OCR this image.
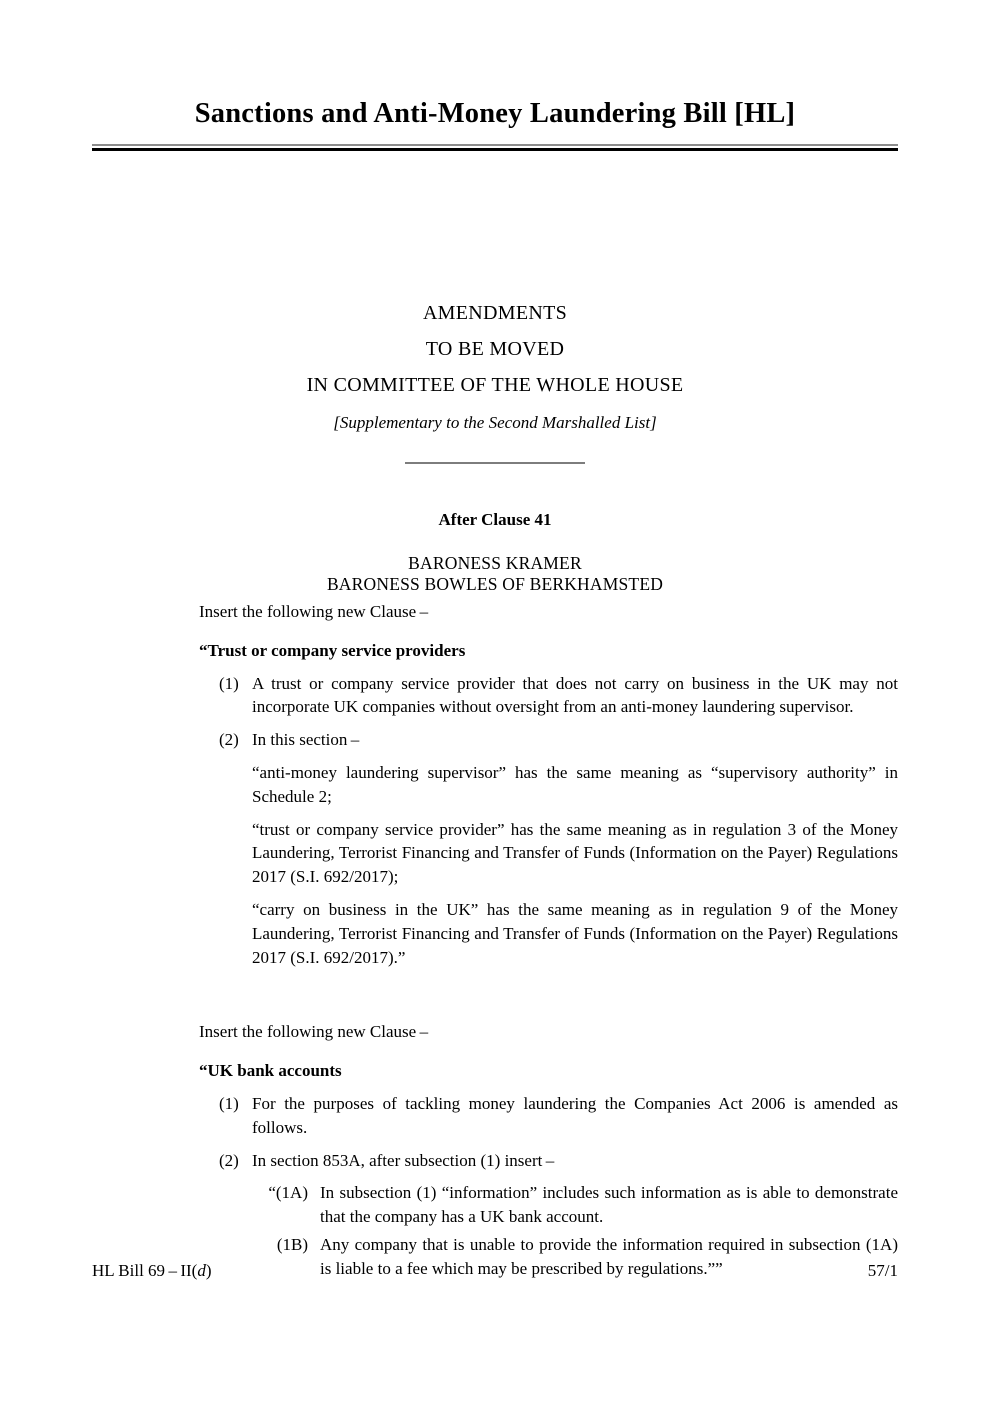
Sanctions and Anti-Money Laundering Bill [HL]

AMENDMENTS

TO BE MOVED

IN COMMITTEE OF THE WHOLE HOUSE

[Supplementary to the Second Marshalled List]

After Clause 41
BARONESS KRAMER
BARONESS BOWLES OF BERKHAMSTED

Insert the following new Clause –

“Trust or company service providers

(1) A trust or company service provider that does not carry on business in the UK may not incorporate UK companies without oversight from an anti-money laundering supervisor.

(2) In this section –

“anti-money laundering supervisor” has the same meaning as “supervisory authority” in Schedule 2;

“trust or company service provider” has the same meaning as in regulation 3 of the Money Laundering, Terrorist Financing and Transfer of Funds (Information on the Payer) Regulations 2017 (S.I. 692/2017);

“carry on business in the UK” has the same meaning as in regulation 9 of the Money Laundering, Terrorist Financing and Transfer of Funds (Information on the Payer) Regulations 2017 (S.I. 692/2017).”

Insert the following new Clause –

“UK bank accounts

(1) For the purposes of tackling money laundering the Companies Act 2006 is amended as follows.

(2) In section 853A, after subsection (1) insert –

“(1A) In subsection (1) “information” includes such information as is able to demonstrate that the company has a UK bank account.

(1B) Any company that is unable to provide the information required in subsection (1A) is liable to a fee which may be prescribed by regulations.””

HL Bill 69 – II(d)	57/1
